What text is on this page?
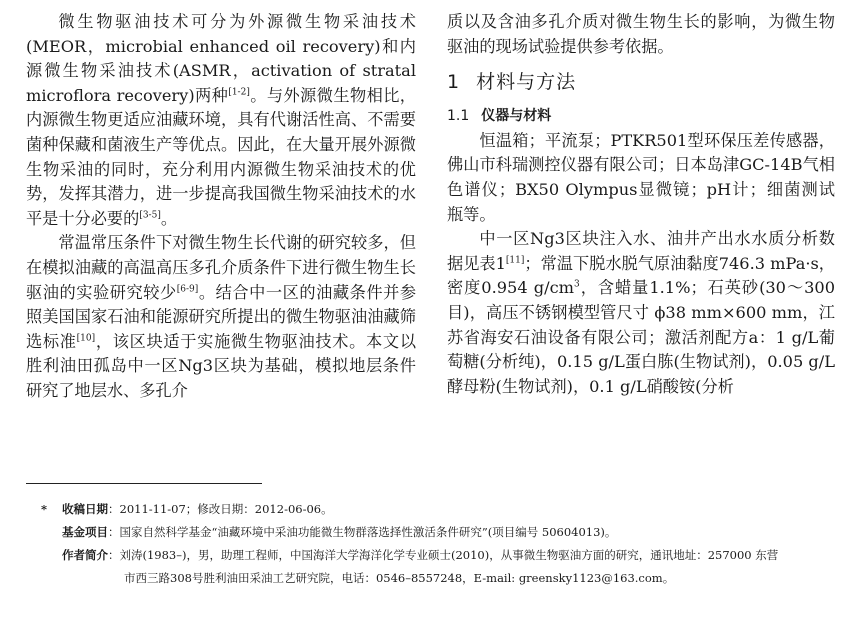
微生物驱油技术可分为外源微生物采油技术(MEOR，microbial enhanced oil recovery)和内源微生物采油技术(ASMR，activation of stratal microflora recovery)两种[1-2]。与外源微生物相比，内源微生物更适应油藏环境，具有代谢活性高、不需要菌种保藏和菌液生产等优点。因此，在大量开展外源微生物采油的同时，充分利用内源微生物采油技术的优势，发挥其潜力，进一步提高我国微生物采油技术的水平是十分必要的[3-5]。

常温常压条件下对微生物生长代谢的研究较多，但在模拟油藏的高温高压多孔介质条件下进行微生物生长驱油的实验研究较少[6-9]。结合中一区的油藏条件并参照美国国家石油和能源研究所提出的微生物驱油油藏筛选标准[10]，该区块适于实施微生物驱油技术。本文以胜利油田孤岛中一区Ng3区块为基础，模拟地层条件研究了地层水、多孔介

质以及含油多孔介质对微生物生长的影响，为微生物驱油的现场试验提供参考依据。

1 材料与方法
1.1 仪器与材料

恒温箱；平流泵；PTKR501型环保压差传感器，佛山市科瑞测控仪器有限公司；日本岛津GC-14B气相色谱仪；BX50 Olympus显微镜；pH计；细菌测试瓶等。

中一区Ng3区块注入水、油井产出水水质分析数据见表1[11]；常温下脱水脱气原油黏度746.3 mPa·s，密度0.954 $g/cm^3$，含蜡量1.1%；石英砂(30～300目)，高压不锈钢模型管尺寸 ϕ38 mm×600 mm，江苏省海安石油设备有限公司；激活剂配方a：1 g/L葡萄糖(分析纯)，0.15 g/L蛋白胨(生物试剂)，0.05 g/L酵母粉(生物试剂)，0.1 g/L硝酸铵(分析

* 收稿日期：2011-11-07；修改日期：2012-06-06。

基金项目：国家自然科学基金“油藏环境中采油功能微生物群落选择性激活条件研究”(项目编号 50604013)。

作者简介：刘涛(1983–)，男，助理工程师，中国海洋大学海洋化学专业硕士(2010)，从事微生物驱油方面的研究，通讯地址：257000 东营

市西三路308号胜利油田采油工艺研究院，电话：0546–8557248，E-mail: greensky1123@163.com。
